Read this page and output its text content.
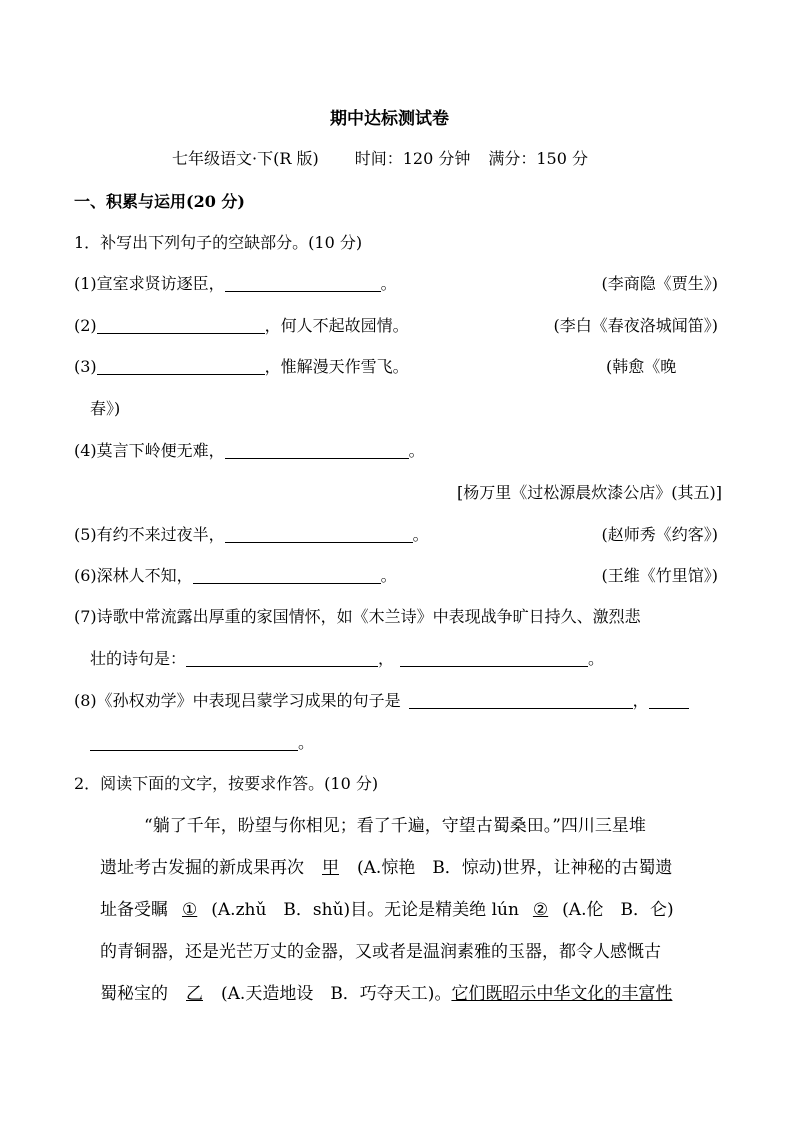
期中达标测试卷
七年级语文·下(R 版) 时间：120 分钟 满分：150 分
一、积累与运用(20 分)
1．补写出下列句子的空缺部分。(10 分)
(1)宣室求贤访逐臣，	。	(李商隐《贾生》)
(2)	，何人不起故园情。	(李白《春夜洛城闻笛》)
(3)	，惟解漫天作雪飞。	(韩愈《晚
春》)
(4)莫言下岭便无难，	。
[杨万里《过松源晨炊漆公店》(其五)]
(5)有约不来过夜半，	。	(赵师秀《约客》)
(6)深林人不知，	。	(王维《竹里馆》)
(7)诗歌中常流露出厚重的家国情怀，如《木兰诗》中表现战争旷日持久、激烈悲
壮的诗句是：	，	。
(8)《孙权劝学》中表现吕蒙学习成果的句子是	，
。
2．阅读下面的文字，按要求作答。(10 分)
“躺了千年，盼望与你相见；看了千遍，守望古蜀桑田。”四川三星堆
遗址考古发掘的新成果再次 甲 (A.惊艳　B．惊动)世界，让神秘的古蜀遗
址备受瞩 ① (A.zhǔ　B．shǔ)目。无论是精美绝 lún ② (A.伦　B．仑)
的青铜器，还是光芒万丈的金器，又或者是温润素雅的玉器，都令人感慨古
蜀秘宝的 乙 (A.天造地设　B．巧夺天工)。它们既昭示中华文化的丰富性
